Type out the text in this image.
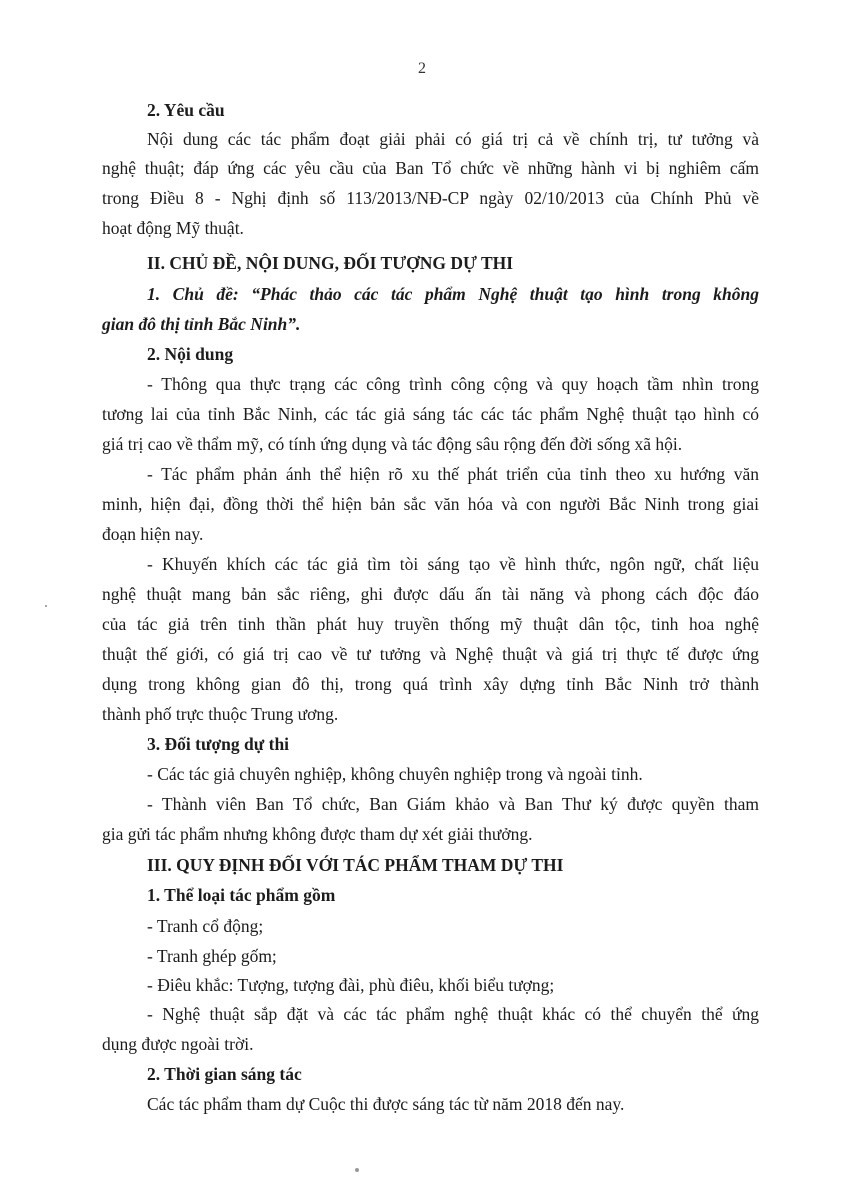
2
2. Yêu cầu
Nội dung các tác phẩm đoạt giải phải có giá trị cả về chính trị, tư tưởng và
nghệ thuật; đáp ứng các yêu cầu của Ban Tổ chức về những hành vi bị nghiêm cấm
trong Điều 8 - Nghị định số 113/2013/NĐ-CP ngày 02/10/2013 của Chính Phủ về
hoạt động Mỹ thuật.
II. CHỦ ĐỀ, NỘI DUNG, ĐỐI TƯỢNG DỰ THI
1. Chủ đề: “Phác thảo các tác phẩm Nghệ thuật tạo hình trong không
gian đô thị tỉnh Bắc Ninh”.
2. Nội dung
- Thông qua thực trạng các công trình công cộng và quy hoạch tầm nhìn trong
tương lai của tỉnh Bắc Ninh, các tác giả sáng tác các tác phẩm Nghệ thuật tạo hình có
giá trị cao về thẩm mỹ, có tính ứng dụng và tác động sâu rộng đến đời sống xã hội.
- Tác phẩm phản ánh thể hiện rõ xu thế phát triển của tỉnh theo xu hướng văn
minh, hiện đại, đồng thời thể hiện bản sắc văn hóa và con người Bắc Ninh trong giai
đoạn hiện nay.
- Khuyến khích các tác giả tìm tòi sáng tạo về hình thức, ngôn ngữ, chất liệu
nghệ thuật mang bản sắc riêng, ghi được dấu ấn tài năng và phong cách độc đáo
của tác giả trên tinh thần phát huy truyền thống mỹ thuật dân tộc, tinh hoa nghệ
thuật thế giới, có giá trị cao về tư tưởng và Nghệ thuật và giá trị thực tế được ứng
dụng trong không gian đô thị, trong quá trình xây dựng tỉnh Bắc Ninh trở thành
thành phố trực thuộc Trung ương.
3. Đối tượng dự thi
- Các tác giả chuyên nghiệp, không chuyên nghiệp trong và ngoài tỉnh.
- Thành viên Ban Tổ chức, Ban Giám khảo và Ban Thư ký được quyền tham
gia gửi tác phẩm nhưng không được tham dự xét giải thưởng.
III. QUY ĐỊNH ĐỐI VỚI TÁC PHẨM THAM DỰ THI
1. Thể loại tác phẩm gồm
- Tranh cổ động;
- Tranh ghép gốm;
- Điêu khắc: Tượng, tượng đài, phù điêu, khối biểu tượng;
- Nghệ thuật sắp đặt và các tác phẩm nghệ thuật khác có thể chuyển thể ứng
dụng được ngoài trời.
2. Thời gian sáng tác
Các tác phẩm tham dự Cuộc thi được sáng tác từ năm 2018 đến nay.
